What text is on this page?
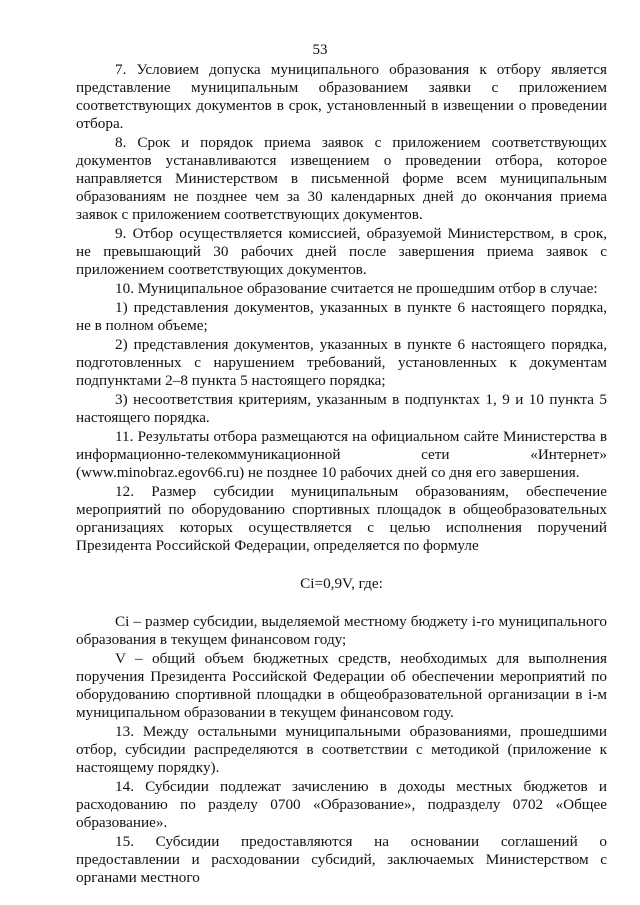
53

7. Условием допуска муниципального образования к отбору является представление муниципальным образованием заявки с приложением соответствующих документов в срок, установленный в извещении о проведении отбора.

8. Срок и порядок приема заявок с приложением соответствующих документов устанавливаются извещением о проведении отбора, которое направляется Министерством в письменной форме всем муниципальным образованиям не позднее чем за 30 календарных дней до окончания приема заявок с приложением соответствующих документов.

9. Отбор осуществляется комиссией, образуемой Министерством, в срок, не превышающий 30 рабочих дней после завершения приема заявок с приложением соответствующих документов.

10. Муниципальное образование считается не прошедшим отбор в случае:

1) представления документов, указанных в пункте 6 настоящего порядка, не в полном объеме;

2) представления документов, указанных в пункте 6 настоящего порядка, подготовленных с нарушением требований, установленных к документам подпунктами 2–8 пункта 5 настоящего порядка;

3) несоответствия критериям, указанным в подпунктах 1, 9 и 10 пункта 5 настоящего порядка.

11. Результаты отбора размещаются на официальном сайте Министерства в информационно-телекоммуникационной сети «Интернет» (www.minobraz.egov66.ru) не позднее 10 рабочих дней со дня его завершения.

12. Размер субсидии муниципальным образованиям, обеспечение мероприятий по оборудованию спортивных площадок в общеобразовательных организациях которых осуществляется с целью исполнения поручений Президента Российской Федерации, определяется по формуле

Ci=0,9V, где:

Ci – размер субсидии, выделяемой местному бюджету i-го муниципального образования в текущем финансовом году;

V – общий объем бюджетных средств, необходимых для выполнения поручения Президента Российской Федерации об обеспечении мероприятий по оборудованию спортивной площадки в общеобразовательной организации в i-м муниципальном образовании в текущем финансовом году.

13. Между остальными муниципальными образованиями, прошедшими отбор, субсидии распределяются в соответствии с методикой (приложение к настоящему порядку).

14. Субсидии подлежат зачислению в доходы местных бюджетов и расходованию по разделу 0700 «Образование», подразделу 0702 «Общее образование».

15. Субсидии предоставляются на основании соглашений о предоставлении и расходовании субсидий, заключаемых Министерством с органами местного
